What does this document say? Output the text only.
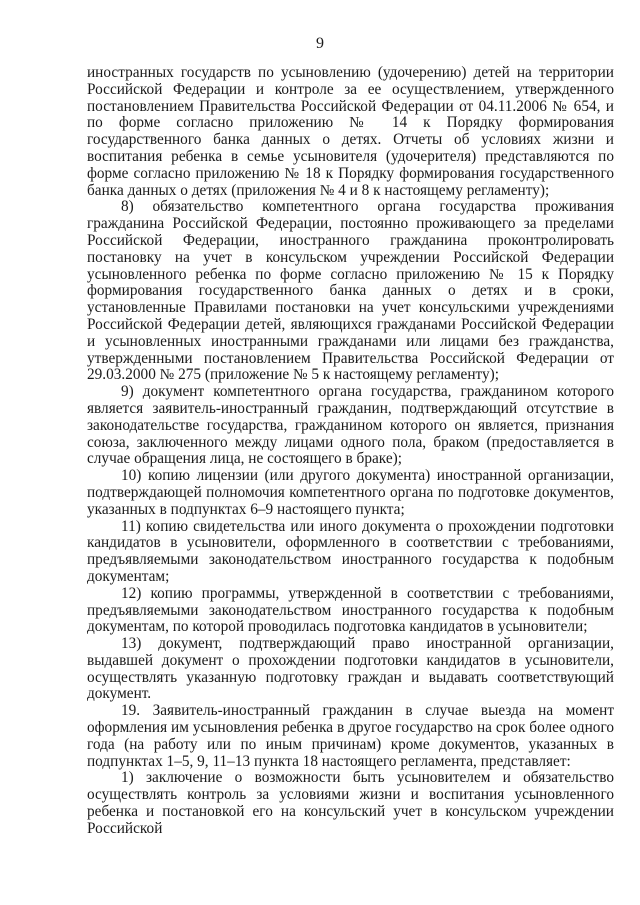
9

иностранных государств по усыновлению (удочерению) детей на территории Российской Федерации и контроле за ее осуществлением, утвержденного постановлением Правительства Российской Федерации от 04.11.2006 № 654, и по форме согласно приложению № 14 к Порядку формирования государственного банка данных о детях. Отчеты об условиях жизни и воспитания ребенка в семье усыновителя (удочерителя) представляются по форме согласно приложению № 18 к Порядку формирования государственного банка данных о детях (приложения № 4 и 8 к настоящему регламенту);

8) обязательство компетентного органа государства проживания гражданина Российской Федерации, постоянно проживающего за пределами Российской Федерации, иностранного гражданина проконтролировать постановку на учет в консульском учреждении Российской Федерации усыновленного ребенка по форме согласно приложению № 15 к Порядку формирования государственного банка данных о детях и в сроки, установленные Правилами постановки на учет консульскими учреждениями Российской Федерации детей, являющихся гражданами Российской Федерации и усыновленных иностранными гражданами или лицами без гражданства, утвержденными постановлением Правительства Российской Федерации от 29.03.2000 № 275 (приложение № 5 к настоящему регламенту);

9) документ компетентного органа государства, гражданином которого является заявитель-иностранный гражданин, подтверждающий отсутствие в законодательстве государства, гражданином которого он является, признания союза, заключенного между лицами одного пола, браком (предоставляется в случае обращения лица, не состоящего в браке);

10) копию лицензии (или другого документа) иностранной организации, подтверждающей полномочия компетентного органа по подготовке документов, указанных в подпунктах 6–9 настоящего пункта;

11) копию свидетельства или иного документа о прохождении подготовки кандидатов в усыновители, оформленного в соответствии с требованиями, предъявляемыми законодательством иностранного государства к подобным документам;

12) копию программы, утвержденной в соответствии с требованиями, предъявляемыми законодательством иностранного государства к подобным документам, по которой проводилась подготовка кандидатов в усыновители;

13) документ, подтверждающий право иностранной организации, выдавшей документ о прохождении подготовки кандидатов в усыновители, осуществлять указанную подготовку граждан и выдавать соответствующий документ.

19. Заявитель-иностранный гражданин в случае выезда на момент оформления им усыновления ребенка в другое государство на срок более одного года (на работу или по иным причинам) кроме документов, указанных в подпунктах 1–5, 9, 11–13 пункта 18 настоящего регламента, представляет:

1) заключение о возможности быть усыновителем и обязательство осуществлять контроль за условиями жизни и воспитания усыновленного ребенка и постановкой его на консульский учет в консульском учреждении Российской
